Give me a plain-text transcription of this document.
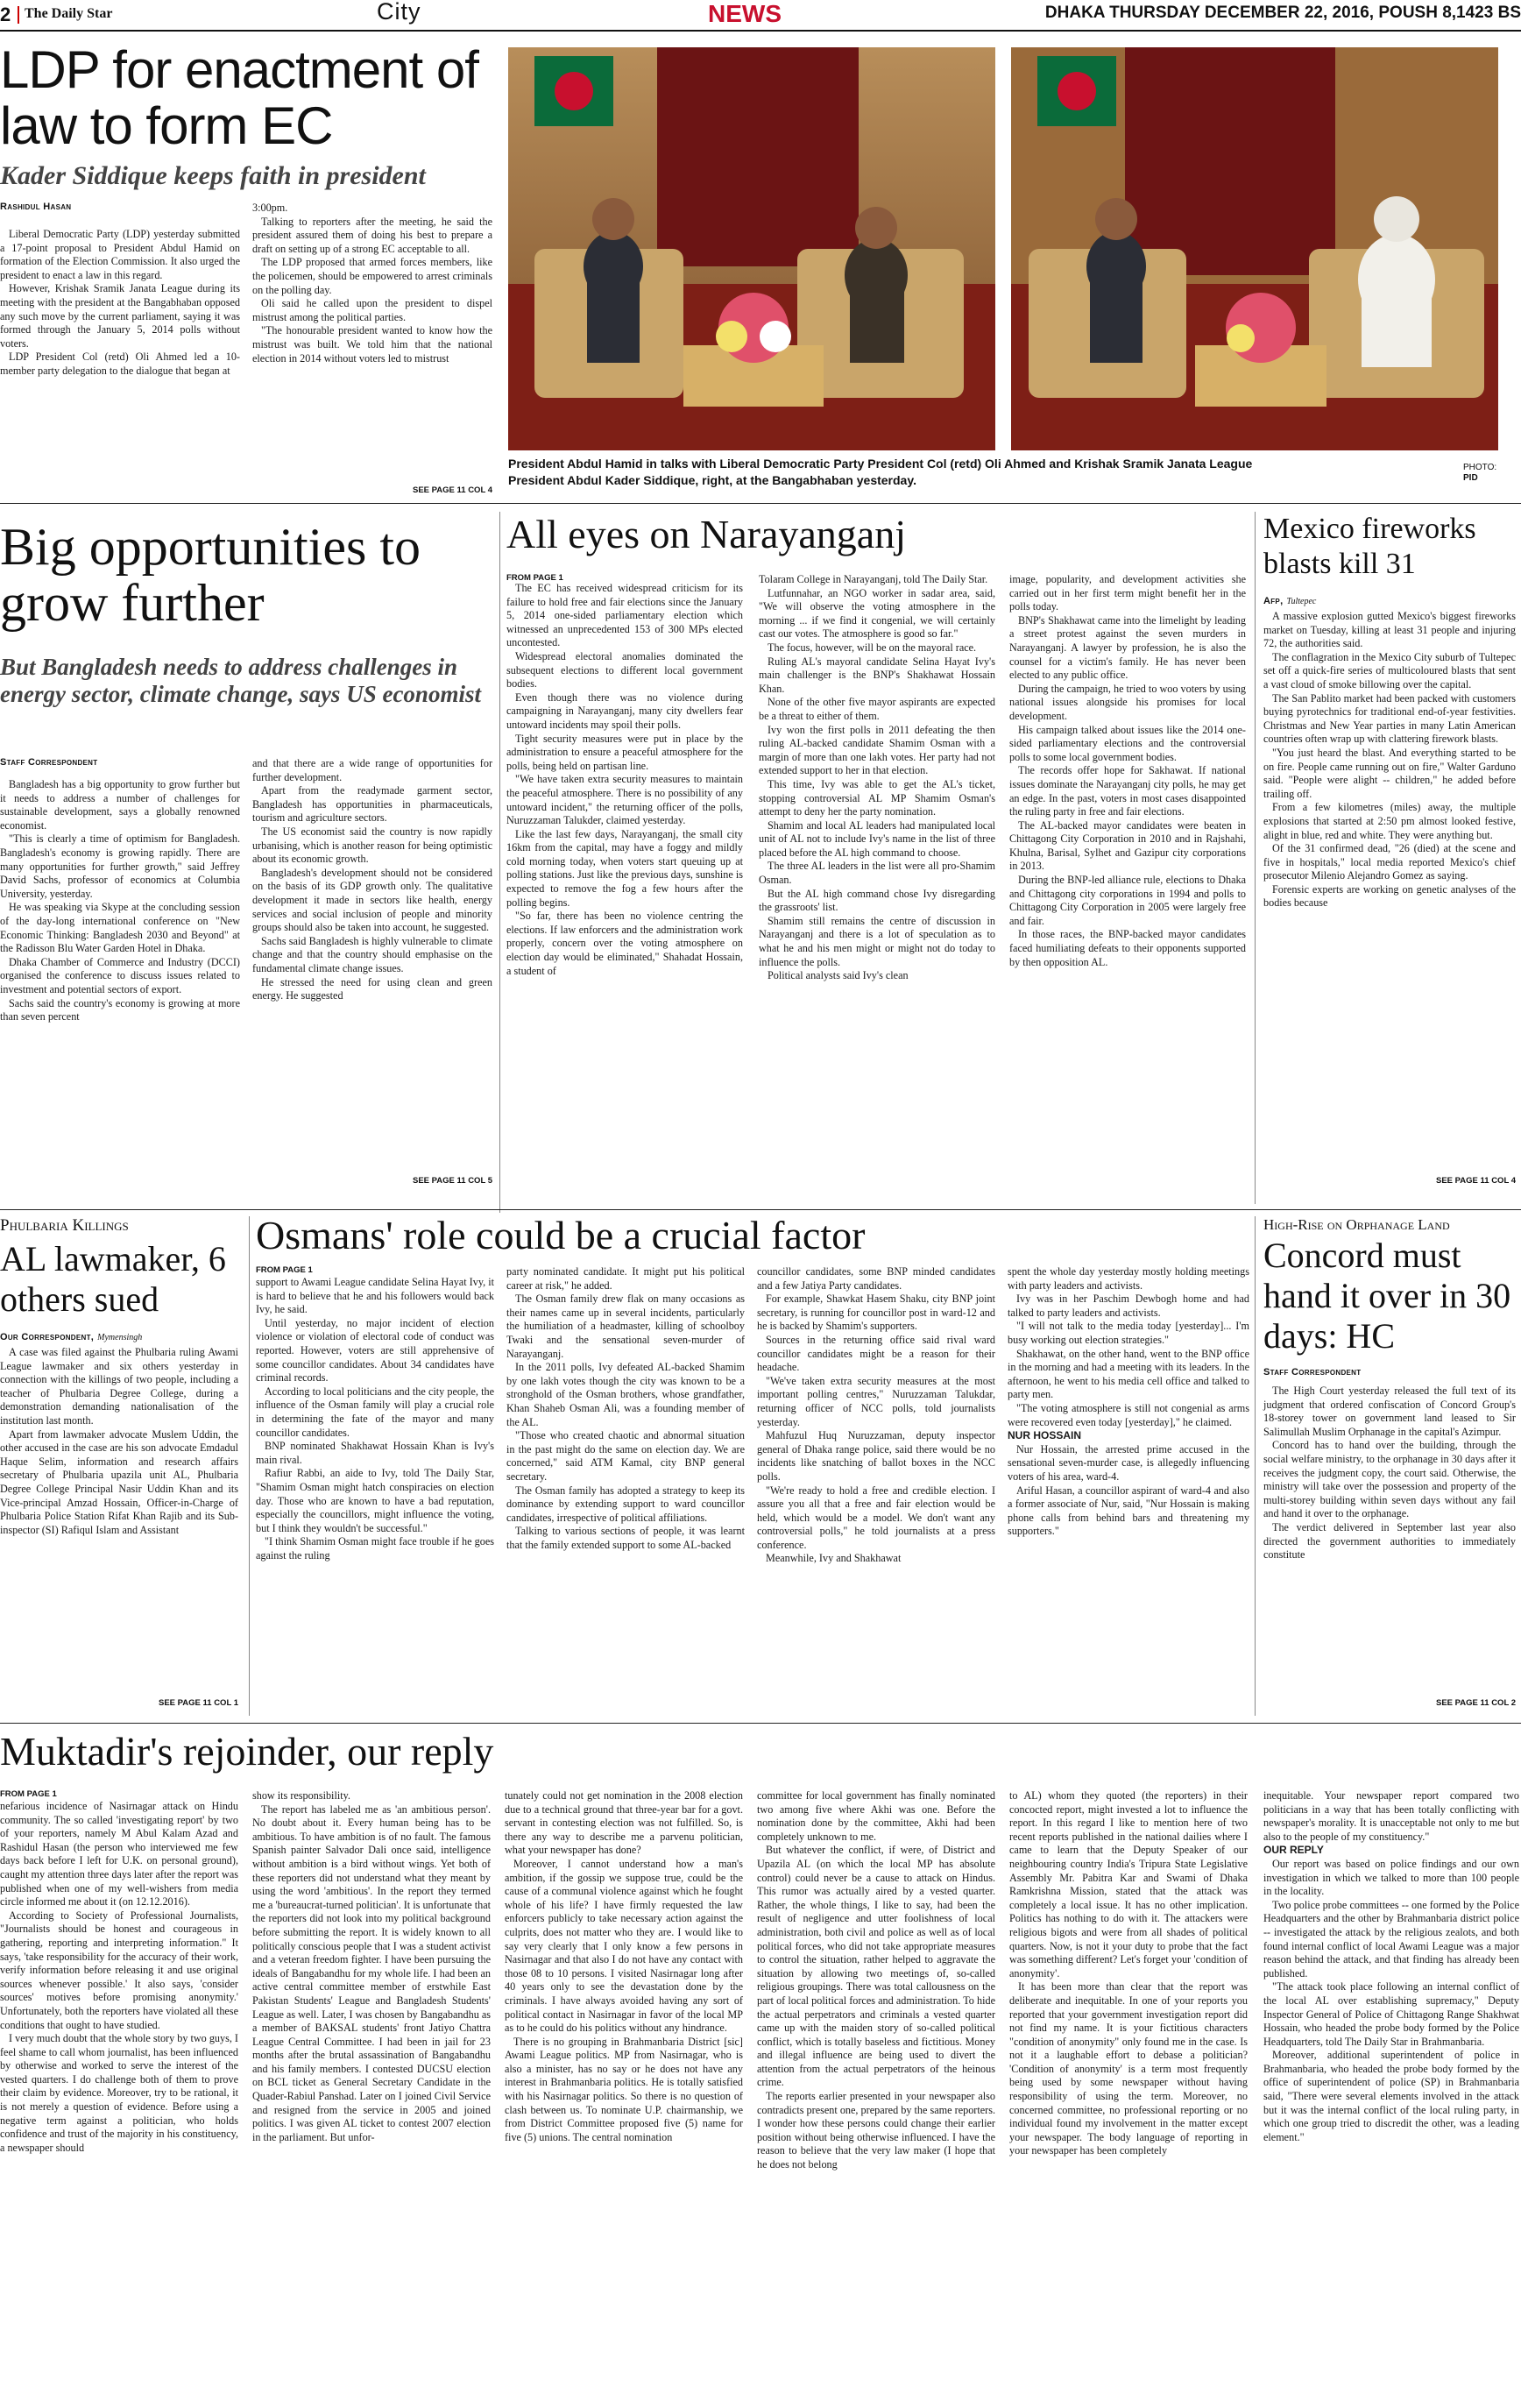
2 The Daily Star	City	NEWS	DHAKA THURSDAY DECEMBER 22, 2016, POUSH 8,1423 BS
LDP for enactment of law to form EC
Kader Siddique keeps faith in president
Rashidul Hasan

Liberal Democratic Party (LDP) yesterday submitted a 17-point proposal to President Abdul Hamid on formation of the Election Commission. It also urged the president to enact a law in this regard.

However, Krishak Sramik Janata League during its meeting with the president at the Bangabhaban opposed any such move by the current parliament, saying it was formed through the January 5, 2014 polls without voters.

LDP President Col (retd) Oli Ahmed led a 10-member party delegation to the dialogue that began at

3:00pm.

Talking to reporters after the meeting, he said the president assured them of doing his best to prepare a draft on setting up of a strong EC acceptable to all.

The LDP proposed that armed forces members, like the policemen, should be empowered to arrest criminals on the polling day.

Oli said he called upon the president to dispel mistrust among the political parties.

"The honourable president wanted to know how the mistrust was built. We told him that the national election in 2014 without voters led to mistrust

SEE PAGE 11 COL 4
President Abdul Hamid in talks with Liberal Democratic Party President Col (retd) Oli Ahmed and Krishak Sramik Janata League
President Abdul Kader Siddique, right, at the Bangabhaban yesterday.
PHOTO:
PID
Big opportunities to grow further
But Bangladesh needs to address challenges in energy sector, climate change, says US economist
Staff Correspondent

Bangladesh has a big opportunity to grow further but it needs to address a number of challenges for sustainable development, says a globally renowned economist.

"This is clearly a time of optimism for Bangladesh. Bangladesh's economy is growing rapidly. There are many opportunities for further growth," said Jeffrey David Sachs, professor of economics at Columbia University, yesterday.

He was speaking via Skype at the concluding session of the day-long international conference on "New Economic Thinking: Bangladesh 2030 and Beyond" at the Radisson Blu Water Garden Hotel in Dhaka.

Dhaka Chamber of Commerce and Industry (DCCI) organised the conference to discuss issues related to investment and potential sectors of export.

Sachs said the country's economy is growing at more than seven percent

and that there are a wide range of opportunities for further development.

Apart from the readymade garment sector, Bangladesh has opportunities in pharmaceuticals, tourism and agriculture sectors.

The US economist said the country is now rapidly urbanising, which is another reason for being optimistic about its economic growth.

Bangladesh's development should not be considered on the basis of its GDP growth only. The qualitative development it made in sectors like health, energy services and social inclusion of people and minority groups should also be taken into account, he suggested.

Sachs said Bangladesh is highly vulnerable to climate change and that the country should emphasise on the fundamental climate change issues.

He stressed the need for using clean and green energy. He suggested

SEE PAGE 11 COL 5
All eyes on Narayanganj
FROM PAGE 1

The EC has received widespread criticism for its failure to hold free and fair elections since the January 5, 2014 one-sided parliamentary election which witnessed an unprecedented 153 of 300 MPs elected uncontested.

Widespread electoral anomalies dominated the subsequent elections to different local government bodies.

Even though there was no violence during campaigning in Narayanganj, many city dwellers fear untoward incidents may spoil their polls.

Tight security measures were put in place by the administration to ensure a peaceful atmosphere for the polls, being held on partisan line.

"We have taken extra security measures to maintain the peaceful atmosphere. There is no possibility of any untoward incident," the returning officer of the polls, Nuruzzaman Talukder, claimed yesterday.

Like the last few days, Narayanganj, the small city 16km from the capital, may have a foggy and mildly cold morning today, when voters start queuing up at polling stations. Just like the previous days, sunshine is expected to remove the fog a few hours after the polling begins.

"So far, there has been no violence centring the elections. If law enforcers and the administration work properly, concern over the voting atmosphere on election day would be eliminated," Shahadat Hossain, a student of

Tolaram College in Narayanganj, told The Daily Star.

Lutfunnahar, an NGO worker in sadar area, said, "We will observe the voting atmosphere in the morning ... if we find it congenial, we will certainly cast our votes. The atmosphere is good so far."

The focus, however, will be on the mayoral race.

Ruling AL's mayoral candidate Selina Hayat Ivy's main challenger is the BNP's Shakhawat Hossain Khan.

None of the other five mayor aspirants are expected be a threat to either of them.

Ivy won the first polls in 2011 defeating the then ruling AL-backed candidate Shamim Osman with a margin of more than one lakh votes. Her party had not extended support to her in that election.

This time, Ivy was able to get the AL's ticket, stopping controversial AL MP Shamim Osman's attempt to deny her the party nomination.

Shamim and local AL leaders had manipulated local unit of AL not to include Ivy's name in the list of three placed before the AL high command to choose.

The three AL leaders in the list were all pro-Shamim Osman.

But the AL high command chose Ivy disregarding the grassroots' list.

Shamim still remains the centre of discussion in Narayanganj and there is a lot of speculation as to what he and his men might or might not do today to influence the polls.

Political analysts said Ivy's clean

image, popularity, and development activities she carried out in her first term might benefit her in the polls today.

BNP's Shakhawat came into the limelight by leading a street protest against the seven murders in Narayanganj. A lawyer by profession, he is also the counsel for a victim's family. He has never been elected to any public office.

During the campaign, he tried to woo voters by using national issues alongside his promises for local development.

His campaign talked about issues like the 2014 one-sided parliamentary elections and the controversial polls to some local government bodies.

The records offer hope for Sakhawat. If national issues dominate the Narayanganj city polls, he may get an edge. In the past, voters in most cases disappointed the ruling party in free and fair elections.

The AL-backed mayor candidates were beaten in Chittagong City Corporation in 2010 and in Rajshahi, Khulna, Barisal, Sylhet and Gazipur city corporations in 2013.

During the BNP-led alliance rule, elections to Dhaka and Chittagong city corporations in 1994 and polls to Chittagong City Corporation in 2005 were largely free and fair.

In those races, the BNP-backed mayor candidates faced humiliating defeats to their opponents supported by then opposition AL.

Mexico fireworks blasts kill 31
Afp, Tultepec

A massive explosion gutted Mexico's biggest fireworks market on Tuesday, killing at least 31 people and injuring 72, the authorities said.

The conflagration in the Mexico City suburb of Tultepec set off a quick-fire series of multicoloured blasts that sent a vast cloud of smoke billowing over the capital.

The San Pablito market had been packed with customers buying pyrotechnics for traditional end-of-year festivities. Christmas and New Year parties in many Latin American countries often wrap up with clattering firework blasts.

"You just heard the blast. And everything started to be on fire. People came running out on fire," Walter Garduno said. "People were alight -- children," he added before trailing off.

From a few kilometres (miles) away, the multiple explosions that started at 2:50 pm almost looked festive, alight in blue, red and white. They were anything but.

Of the 31 confirmed dead, "26 (died) at the scene and five in hospitals," local media reported Mexico's chief prosecutor Milenio Alejandro Gomez as saying.

Forensic experts are working on genetic analyses of the bodies because

SEE PAGE 11 COL 4
Phulbaria Killings
AL lawmaker, 6 others sued
Our Correspondent, Mymensingh

A case was filed against the Phulbaria ruling Awami League lawmaker and six others yesterday in connection with the killings of two people, including a teacher of Phulbaria Degree College, during a demonstration demanding nationalisation of the institution last month.

Apart from lawmaker advocate Muslem Uddin, the other accused in the case are his son advocate Emdadul Haque Selim, information and research affairs secretary of Phulbaria upazila unit AL, Phulbaria Degree College Principal Nasir Uddin Khan and its Vice-principal Amzad Hossain, Officer-in-Charge of Phulbaria Police Station Rifat Khan Rajib and its Sub-inspector (SI) Rafiqul Islam and Assistant

SEE PAGE 11 COL 1
Osmans' role could be a crucial factor
FROM PAGE 1

support to Awami League candidate Selina Hayat Ivy, it is hard to believe that he and his followers would back Ivy, he said.

Until yesterday, no major incident of election violence or violation of electoral code of conduct was reported. However, voters are still apprehensive of some councillor candidates. About 34 candidates have criminal records.

According to local politicians and the city people, the influence of the Osman family will play a crucial role in determining the fate of the mayor and many councillor candidates.

BNP nominated Shakhawat Hossain Khan is Ivy's main rival.

Rafiur Rabbi, an aide to Ivy, told The Daily Star, "Shamim Osman might hatch conspiracies on election day. Those who are known to have a bad reputation, especially the councillors, might influence the voting, but I think they wouldn't be successful."

"I think Shamim Osman might face trouble if he goes against the ruling

party nominated candidate. It might put his political career at risk," he added.

The Osman family drew flak on many occasions as their names came up in several incidents, particularly the humiliation of a headmaster, killing of schoolboy Twaki and the sensational seven-murder of Narayanganj.

In the 2011 polls, Ivy defeated AL-backed Shamim by one lakh votes though the city was known to be a stronghold of the Osman brothers, whose grandfather, Khan Shaheb Osman Ali, was a founding member of the AL.

"Those who created chaotic and abnormal situation in the past might do the same on election day. We are concerned," said ATM Kamal, city BNP general secretary.

The Osman family has adopted a strategy to keep its dominance by extending support to ward councillor candidates, irrespective of political affiliations.

Talking to various sections of people, it was learnt that the family extended support to some AL-backed

councillor candidates, some BNP minded candidates and a few Jatiya Party candidates.

For example, Shawkat Hasem Shaku, city BNP joint secretary, is running for councillor post in ward-12 and he is backed by Shamim's supporters.

Sources in the returning office said rival ward councillor candidates might be a reason for their headache.

"We've taken extra security measures at the most important polling centres," Nuruzzaman Talukdar, returning officer of NCC polls, told journalists yesterday.

Mahfuzul Huq Nuruzzaman, deputy inspector general of Dhaka range police, said there would be no incidents like snatching of ballot boxes in the NCC polls.

"We're ready to hold a free and credible election. I assure you all that a free and fair election would be held, which would be a model. We don't want any controversial polls," he told journalists at a press conference.

Meanwhile, Ivy and Shakhawat

spent the whole day yesterday mostly holding meetings with party leaders and activists.

Ivy was in her Paschim Dewbogh home and had talked to party leaders and activists.

"I will not talk to the media today [yesterday]... I'm busy working out election strategies."

Shakhawat, on the other hand, went to the BNP office in the morning and had a meeting with its leaders. In the afternoon, he went to his media cell office and talked to party men.

"The voting atmosphere is still not congenial as arms were recovered even today [yesterday]," he claimed.

NUR HOSSAIN

Nur Hossain, the arrested prime accused in the sensational seven-murder case, is allegedly influencing voters of his area, ward-4.

Ariful Hasan, a councillor aspirant of ward-4 and also a former associate of Nur, said, "Nur Hossain is making phone calls from behind bars and threatening my supporters."

High-Rise on Orphanage Land
Concord must hand it over in 30 days: HC
Staff Correspondent

The High Court yesterday released the full text of its judgment that ordered confiscation of Concord Group's 18-storey tower on government land leased to Sir Salimullah Muslim Orphanage in the capital's Azimpur.

Concord has to hand over the building, through the social welfare ministry, to the orphanage in 30 days after it receives the judgment copy, the court said. Otherwise, the ministry will take over the possession and property of the multi-storey building within seven days without any fail and hand it over to the orphanage.

The verdict delivered in September last year also directed the government authorities to immediately constitute

SEE PAGE 11 COL 2
Muktadir's rejoinder, our reply
FROM PAGE 1

nefarious incidence of Nasirnagar attack on Hindu community. The so called 'investigating report' by two of your reporters, namely M Abul Kalam Azad and Rashidul Hasan (the person who interviewed me few days back before I left for U.K. on personal ground), caught my attention three days later after the report was published when one of my well-wishers from media circle informed me about it (on 12.12.2016).

According to Society of Professional Journalists, "Journalists should be honest and courageous in gathering, reporting and interpreting information." It says, 'take responsibility for the accuracy of their work, verify information before releasing it and use original sources whenever possible.' It also says, 'consider sources' motives before promising anonymity.' Unfortunately, both the reporters have violated all these conditions that ought to have studied.

I very much doubt that the whole story by two guys, I feel shame to call whom journalist, has been influenced by otherwise and worked to serve the interest of the vested quarters. I do challenge both of them to prove their claim by evidence. Moreover, try to be rational, it is not merely a question of evidence. Before using a negative term against a politician, who holds confidence and trust of the majority in his constituency, a newspaper should

show its responsibility.

The report has labeled me as 'an ambitious person'. No doubt about it. Every human being has to be ambitious. To have ambition is of no fault. The famous Spanish painter Salvador Dali once said, intelligence without ambition is a bird without wings. Yet both of these reporters did not understand what they meant by using the word 'ambitious'. In the report they termed me a 'bureaucrat-turned politician'. It is unfortunate that the reporters did not look into my political background before submitting the report. It is widely known to all politically conscious people that I was a student activist and a veteran freedom fighter. I have been pursuing the ideals of Bangabandhu for my whole life. I had been an active central committee member of erstwhile East Pakistan Students' League and Bangladesh Students' League as well. Later, I was chosen by Bangabandhu as a member of BAKSAL students' front Jatiyo Chattra League Central Committee. I had been in jail for 23 months after the brutal assassination of Bangabandhu and his family members. I contested DUCSU election on BCL ticket as General Secretary Candidate in the Quader-Rabiul Panshad. Later on I joined Civil Service and resigned from the service in 2005 and joined politics. I was given AL ticket to contest 2007 election in the parliament. But unfor-

tunately could not get nomination in the 2008 election due to a technical ground that three-year bar for a govt. servant in contesting election was not fulfilled. So, is there any way to describe me a parvenu politician, what your newspaper has done?

Moreover, I cannot understand how a man's ambition, if the gossip we suppose true, could be the cause of a communal violence against which he fought whole of his life? I have firmly requested the law enforcers publicly to take necessary action against the culprits, does not matter who they are. I would like to say very clearly that I only know a few persons in Nasirnagar and that also I do not have any contact with those 08 to 10 persons. I visited Nasirnagar long after 40 years only to see the devastation done by the criminals. I have always avoided having any sort of political contact in Nasirnagar in favor of the local MP as to he could do his politics without any hindrance.

There is no grouping in Brahmanbaria District [sic] Awami League politics. MP from Nasirnagar, who is also a minister, has no say or he does not have any interest in Brahmanbaria politics. He is totally satisfied with his Nasirnagar politics. So there is no question of clash between us. To nominate U.P. chairmanship, we from District Committee proposed five (5) name for five (5) unions. The central nomination

committee for local government has finally nominated two among five where Akhi was one. Before the nomination done by the committee, Akhi had been completely unknown to me.

But whatever the conflict, if were, of District and Upazila AL (on which the local MP has absolute control) could never be a cause to attack on Hindus. This rumor was actually aired by a vested quarter. Rather, the whole things, I like to say, had been the result of negligence and utter foolishness of local administration, both civil and police as well as of local political forces, who did not take appropriate measures to control the situation, rather helped to aggravate the situation by allowing two meetings of, so-called religious groupings. There was total callousness on the part of local political forces and administration. To hide the actual perpetrators and criminals a vested quarter came up with the maiden story of so-called political conflict, which is totally baseless and fictitious. Money and illegal influence are being used to divert the attention from the actual perpetrators of the heinous crime.

The reports earlier presented in your newspaper also contradicts present one, prepared by the same reporters. I wonder how these persons could change their earlier position without being otherwise influenced. I have the reason to believe that the very law maker (I hope that he does not belong

to AL) whom they quoted (the reporters) in their concocted report, might invested a lot to influence the report. In this regard I like to mention here of two recent reports published in the national dailies where I came to learn that the Deputy Speaker of our neighbouring country India's Tripura State Legislative Assembly Mr. Pabitra Kar and Swami of Dhaka Ramkrishna Mission, stated that the attack was completely a local issue. It has no other implication. Politics has nothing to do with it. The attackers were religious bigots and were from all shades of political quarters. Now, is not it your duty to probe that the fact was something different? Let's forget your 'condition of anonymity'.

It has been more than clear that the report was deliberate and inequitable. In one of your reports you reported that your government investigation report did not find my name. It is your fictitious characters "condition of anonymity" only found me in the case. Is not it a laughable effort to debase a politician? 'Condition of anonymity' is a term most frequently being used by some newspaper without having responsibility of using the term. Moreover, no concerned committee, no professional reporting or no individual found my involvement in the matter except your newspaper. The body language of reporting in your newspaper has been completely

inequitable. Your newspaper report compared two politicians in a way that has been totally conflicting with newspaper's morality. It is unacceptable not only to me but also to the people of my constituency."

OUR REPLY

Our report was based on police findings and our own investigation in which we talked to more than 100 people in the locality.

Two police probe committees -- one formed by the Police Headquarters and the other by Brahmanbaria district police -- investigated the attack by the religious zealots, and both found internal conflict of local Awami League was a major reason behind the attack, and that finding has already been published.

"The attack took place following an internal conflict of the local AL over establishing supremacy," Deputy Inspector General of Police of Chittagong Range Shakhwat Hossain, who headed the probe body formed by the Police Headquarters, told The Daily Star in Brahmanbaria.

Moreover, additional superintendent of police in Brahmanbaria, who headed the probe body formed by the office of superintendent of police (SP) in Brahmanbaria said, "There were several elements involved in the attack but it was the internal conflict of the local ruling party, in which one group tried to discredit the other, was a leading element."
